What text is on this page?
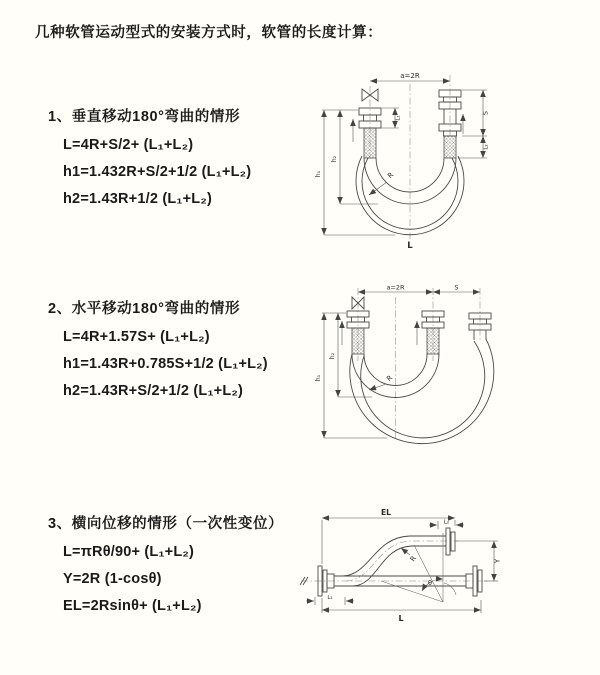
几种软管运动型式的安装方式时，软管的长度计算：
1、垂直移动180°弯曲的情形
L=4R+S/2+ (L₁+L₂)
h1=1.432R+S/2+1/2 (L₁+L₂)
h2=1.43R+1/2 (L₁+L₂)
2、水平移动180°弯曲的情形
L=4R+1.57S+ (L₁+L₂)
h1=1.43R+0.785S+1/2 (L₁+L₂)
h2=1.43R+S/2+1/2 (L₁+L₂)
3、横向位移的情形（一次性变位）
L=πRθ/90+ (L₁+L₂)
Y=2R (1-cosθ)
EL=2Rsinθ+ (L₁+L₂)
a=2R
L₁
S
L₂
h₂
h₁	R
L
a=2R	S
h₂
h₁	R
EL
L₂
L₁
L
Y
R
θ
